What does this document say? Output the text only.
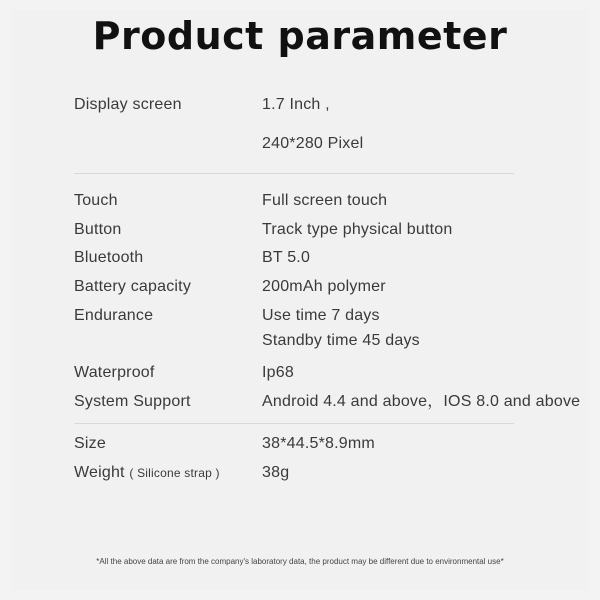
Product parameter
Display screen	1.7 Inch ,
240*280 Pixel
Touch	Full screen touch
Button	Track type physical button
Bluetooth	BT 5.0
Battery capacity	200mAh polymer
Endurance	Use time 7 days
Standby time 45 days
Waterproof	Ip68
System Support	Android 4.4 and above，IOS 8.0 and above
Size	38*44.5*8.9mm
Weight ( Silicone strap )	38g
*All the above data are from the company's laboratory data, the product may be different due to environmental use*
